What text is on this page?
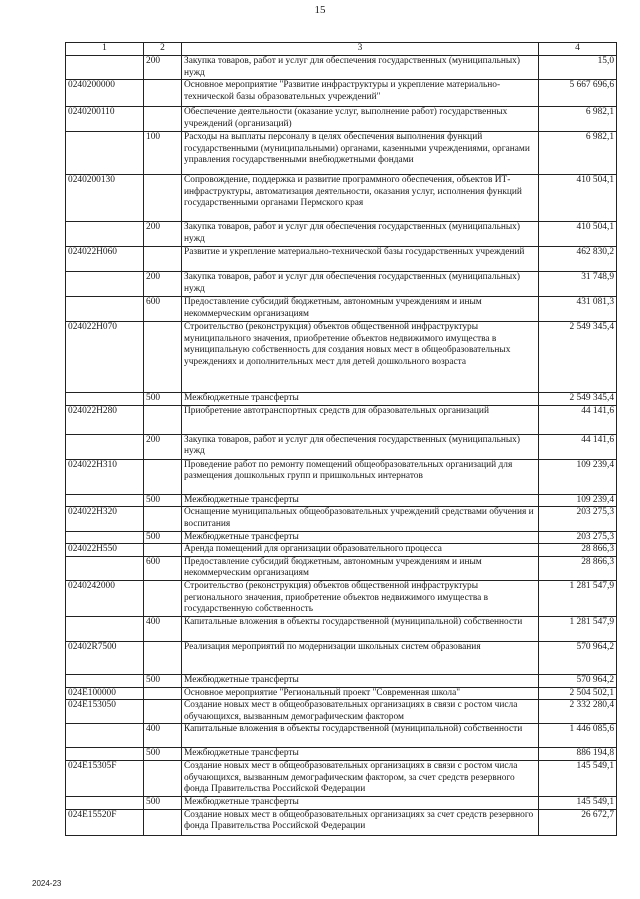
15
1	2	3	4
	200	Закупка товаров, работ и услуг для обеспечения государственных (муниципальных) нужд	15,0
0240200000		Основное мероприятие "Развитие инфраструктуры и укрепление материально-технической базы образовательных учреждений"	5 667 696,6
0240200110		Обеспечение деятельности (оказание услуг, выполнение работ) государственных учреждений (организаций)	6 982,1
	100	Расходы на выплаты персоналу в целях обеспечения выполнения функций государственными (муниципальными) органами, казенными учреждениями, органами управления государственными внебюджетными фондами	6 982,1
0240200130		Сопровождение, поддержка и развитие программного обеспечения, объектов ИТ-инфраструктуры, автоматизация деятельности, оказания услуг, исполнения функций государственными органами Пермского края	410 504,1
	200	Закупка товаров, работ и услуг для обеспечения государственных (муниципальных) нужд	410 504,1
024022Н060		Развитие и укрепление материально-технической базы государственных учреждений	462 830,2
	200	Закупка товаров, работ и услуг для обеспечения государственных (муниципальных) нужд	31 748,9
	600	Предоставление субсидий бюджетным, автономным учреждениям и иным некоммерческим организациям	431 081,3
024022Н070		Строительство (реконструкция) объектов общественной инфраструктуры муниципального значения, приобретение объектов недвижимого имущества в муниципальную собственность для создания новых мест в общеобразовательных учреждениях и дополнительных мест для детей дошкольного возраста	2 549 345,4
	500	Межбюджетные трансферты	2 549 345,4
024022Н280		Приобретение автотранспортных средств для образовательных организаций	44 141,6
	200	Закупка товаров, работ и услуг для обеспечения государственных (муниципальных) нужд	44 141,6
024022Н310		Проведение работ по ремонту помещений общеобразовательных организаций для размещения дошкольных групп и пришкольных интернатов	109 239,4
	500	Межбюджетные трансферты	109 239,4
024022Н320		Оснащение муниципальных общеобразовательных учреждений средствами обучения и воспитания	203 275,3
	500	Межбюджетные трансферты	203 275,3
024022Н550		Аренда помещений для организации образовательного процесса	28 866,3
	600	Предоставление субсидий бюджетным, автономным учреждениям и иным некоммерческим организациям	28 866,3
0240242000		Строительство (реконструкция) объектов общественной инфраструктуры регионального значения, приобретение объектов недвижимого имущества в государственную собственность	1 281 547,9
	400	Капитальные вложения в объекты государственной (муниципальной) собственности	1 281 547,9
02402R7500		Реализация мероприятий по модернизации школьных систем образования	570 964,2
	500	Межбюджетные трансферты	570 964,2
024Е100000		Основное мероприятие "Региональный проект "Современная школа"	2 504 502,1
024Е153050		Создание новых мест в общеобразовательных организациях в связи с ростом числа обучающихся, вызванным демографическим фактором	2 332 280,4
	400	Капитальные вложения в объекты государственной (муниципальной) собственности	1 446 085,6
	500	Межбюджетные трансферты	886 194,8
024Е15305F		Создание новых мест в общеобразовательных организациях в связи с ростом числа обучающихся, вызванным демографическим фактором, за счет средств резервного фонда Правительства Российской Федерации	145 549,1
	500	Межбюджетные трансферты	145 549,1
024Е15520F		Создание новых мест в общеобразовательных организациях за счет средств резервного фонда Правительства Российской Федерации	26 672,7
2024-23
